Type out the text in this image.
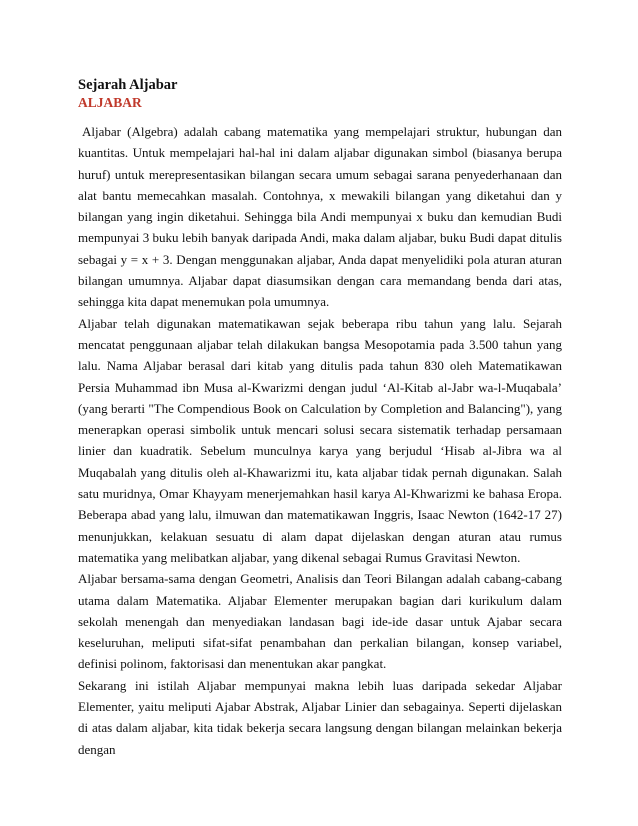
Sejarah Aljabar
ALJABAR

Aljabar (Algebra) adalah cabang matematika yang mempelajari struktur, hubungan dan kuantitas. Untuk mempelajari hal-hal ini dalam aljabar digunakan simbol (biasanya berupa huruf) untuk merepresentasikan bilangan secara umum sebagai sarana penyederhanaan dan alat bantu memecahkan masalah. Contohnya, x mewakili bilangan yang diketahui dan y bilangan yang ingin diketahui. Sehingga bila Andi mempunyai x buku dan kemudian Budi mempunyai 3 buku lebih banyak daripada Andi, maka dalam aljabar, buku Budi dapat ditulis sebagai y = x + 3. Dengan menggunakan aljabar, Anda dapat menyelidiki pola aturan aturan bilangan umumnya. Aljabar dapat diasumsikan dengan cara memandang benda dari atas, sehingga kita dapat menemukan pola umumnya.

Aljabar telah digunakan matematikawan sejak beberapa ribu tahun yang lalu. Sejarah mencatat penggunaan aljabar telah dilakukan bangsa Mesopotamia pada 3.500 tahun yang lalu. Nama Aljabar berasal dari kitab yang ditulis pada tahun 830 oleh Matematikawan Persia Muhammad ibn Musa al-Kwarizmi dengan judul ‘Al-Kitab al-Jabr wa-l-Muqabala’ (yang berarti "The Compendious Book on Calculation by Completion and Balancing"), yang menerapkan operasi simbolik untuk mencari solusi secara sistematik terhadap persamaan linier dan kuadratik. Sebelum munculnya karya yang berjudul ‘Hisab al-Jibra wa al Muqabalah yang ditulis oleh al-Khawarizmi itu, kata aljabar tidak pernah digunakan. Salah satu muridnya, Omar Khayyam menerjemahkan hasil karya Al-Khwarizmi ke bahasa Eropa. Beberapa abad yang lalu, ilmuwan dan matematikawan Inggris, Isaac Newton (1642-17 27) menunjukkan, kelakuan sesuatu di alam dapat dijelaskan dengan aturan atau rumus matematika yang melibatkan aljabar, yang dikenal sebagai Rumus Gravitasi Newton.

Aljabar bersama-sama dengan Geometri, Analisis dan Teori Bilangan adalah cabang-cabang utama dalam Matematika. Aljabar Elementer merupakan bagian dari kurikulum dalam sekolah menengah dan menyediakan landasan bagi ide-ide dasar untuk Ajabar secara keseluruhan, meliputi sifat-sifat penambahan dan perkalian bilangan, konsep variabel, definisi polinom, faktorisasi dan menentukan akar pangkat.

Sekarang ini istilah Aljabar mempunyai makna lebih luas daripada sekedar Aljabar Elementer, yaitu meliputi Ajabar Abstrak, Aljabar Linier dan sebagainya. Seperti dijelaskan di atas dalam aljabar, kita tidak bekerja secara langsung dengan bilangan melainkan bekerja dengan
